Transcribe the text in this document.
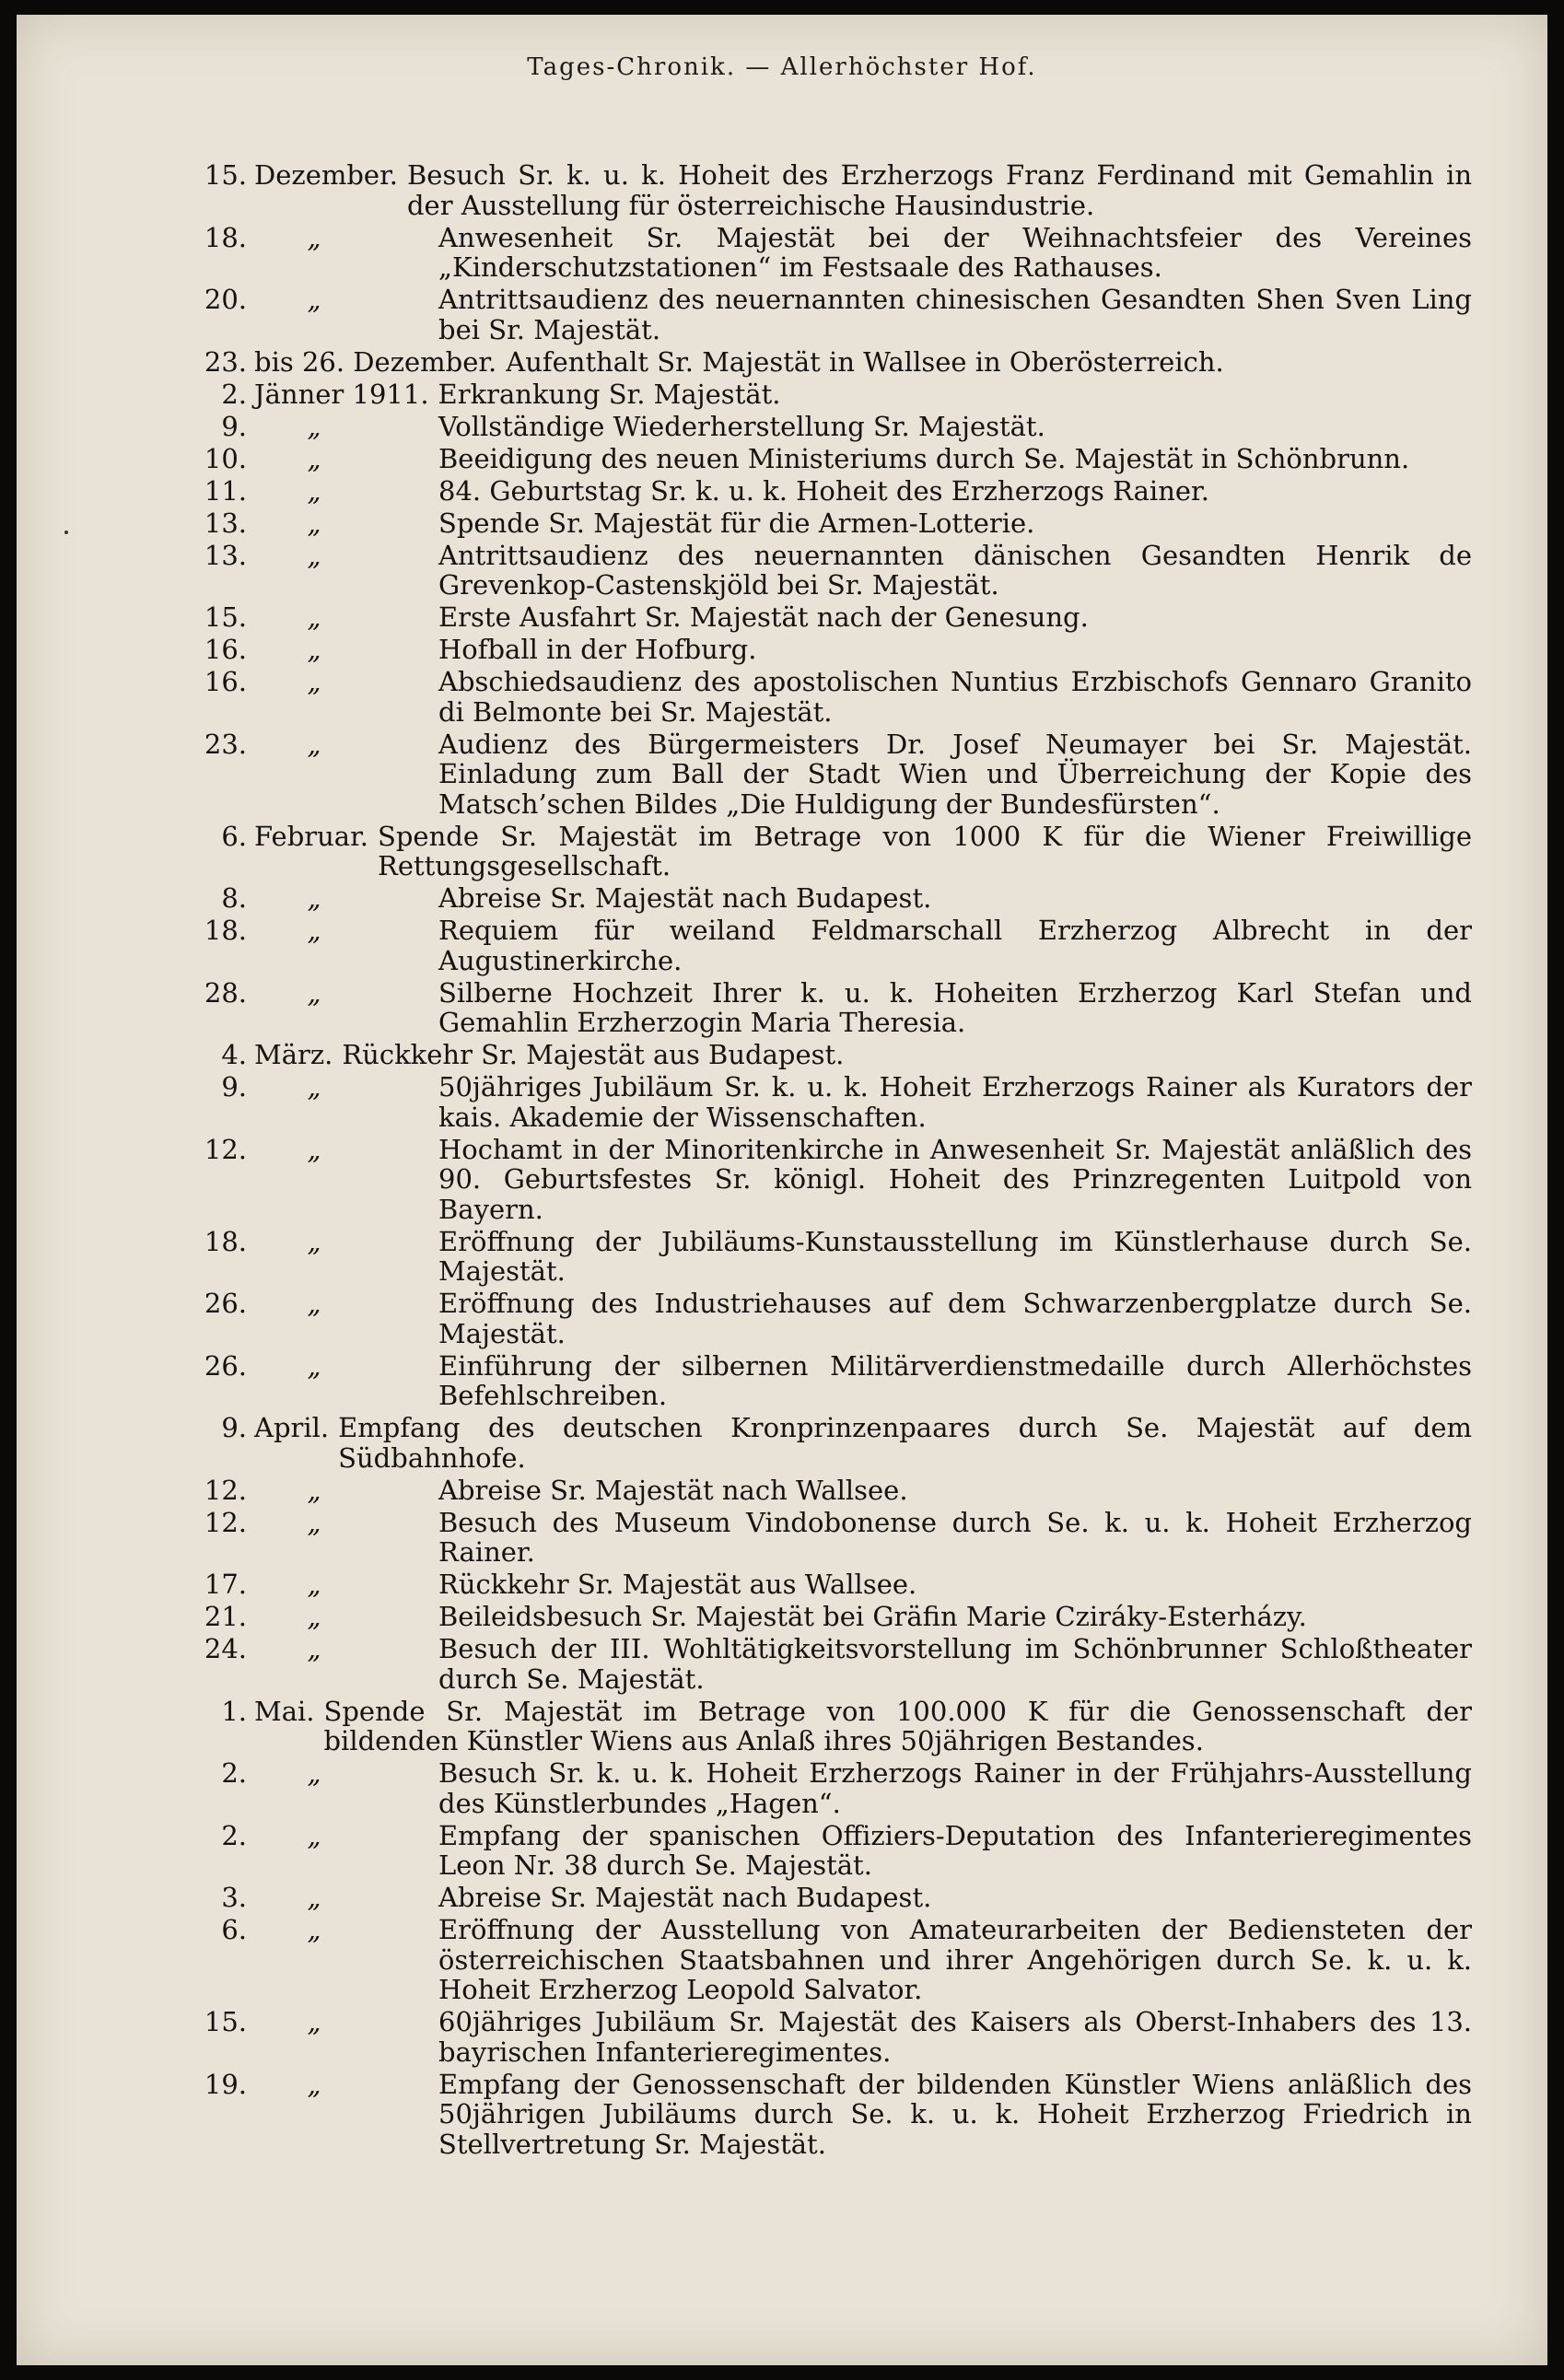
Tages-Chronik. — Allerhöchster Hof.
15. Dezember. Besuch Sr. k. u. k. Hoheit des Erzherzogs Franz Ferdinand mit Gemahlin in der Ausstellung für österreichische Hausindustrie.
18.	„	Anwesenheit Sr. Majestät bei der Weihnachtsfeier des Vereines „Kinderschutzstationen“ im Festsaale des Rathauses.
20.	„	Antrittsaudienz des neuernannten chinesischen Gesandten Shen Sven Ling bei Sr. Majestät.
23. bis 26. Dezember. Aufenthalt Sr. Majestät in Wallsee in Oberösterreich.
2. Jänner 1911. Erkrankung Sr. Majestät.
9.	„	Vollständige Wiederherstellung Sr. Majestät.
10.	„	Beeidigung des neuen Ministeriums durch Se. Majestät in Schönbrunn.
11.	„	84. Geburtstag Sr. k. u. k. Hoheit des Erzherzogs Rainer.
13.	„	Spende Sr. Majestät für die Armen-Lotterie.
13.	„	Antrittsaudienz des neuernannten dänischen Gesandten Henrik de Grevenkop-Castenskjöld bei Sr. Majestät.
15.	„	Erste Ausfahrt Sr. Majestät nach der Genesung.
16.	„	Hofball in der Hofburg.
16.	„	Abschiedsaudienz des apostolischen Nuntius Erzbischofs Gennaro Granito di Belmonte bei Sr. Majestät.
23.	„	Audienz des Bürgermeisters Dr. Josef Neumayer bei Sr. Majestät. Einladung zum Ball der Stadt Wien und Überreichung der Kopie des Matsch’schen Bildes „Die Huldigung der Bundesfürsten“.
6. Februar. Spende Sr. Majestät im Betrage von 1000 K für die Wiener Freiwillige Rettungsgesellschaft.
8.	„	Abreise Sr. Majestät nach Budapest.
18.	„	Requiem für weiland Feldmarschall Erzherzog Albrecht in der Augustinerkirche.
28.	„	Silberne Hochzeit Ihrer k. u. k. Hoheiten Erzherzog Karl Stefan und Gemahlin Erzherzogin Maria Theresia.
4. März. Rückkehr Sr. Majestät aus Budapest.
9.	„	50jähriges Jubiläum Sr. k. u. k. Hoheit Erzherzogs Rainer als Kurators der kais. Akademie der Wissenschaften.
12.	„	Hochamt in der Minoritenkirche in Anwesenheit Sr. Majestät anläßlich des 90. Geburtsfestes Sr. königl. Hoheit des Prinzregenten Luitpold von Bayern.
18.	„	Eröffnung der Jubiläums-Kunstausstellung im Künstlerhause durch Se. Majestät.
26.	„	Eröffnung des Industriehauses auf dem Schwarzenbergplatze durch Se. Majestät.
26.	„	Einführung der silbernen Militärverdienstmedaille durch Allerhöchstes Befehlschreiben.
9. April. Empfang des deutschen Kronprinzenpaares durch Se. Majestät auf dem Südbahnhofe.
12.	„	Abreise Sr. Majestät nach Wallsee.
12.	„	Besuch des Museum Vindobonense durch Se. k. u. k. Hoheit Erzherzog Rainer.
17.	„	Rückkehr Sr. Majestät aus Wallsee.
21.	„	Beileidsbesuch Sr. Majestät bei Gräfin Marie Cziráky-Esterházy.
24.	„	Besuch der III. Wohltätigkeitsvorstellung im Schönbrunner Schloßtheater durch Se. Majestät.
1. Mai. Spende Sr. Majestät im Betrage von 100.000 K für die Genossenschaft der bildenden Künstler Wiens aus Anlaß ihres 50jährigen Bestandes.
2.	„	Besuch Sr. k. u. k. Hoheit Erzherzogs Rainer in der Frühjahrs-Ausstellung des Künstlerbundes „Hagen“.
2.	„	Empfang der spanischen Offiziers-Deputation des Infanterieregimentes Leon Nr. 38 durch Se. Majestät.
3.	„	Abreise Sr. Majestät nach Budapest.
6.	„	Eröffnung der Ausstellung von Amateurarbeiten der Bediensteten der österreichischen Staatsbahnen und ihrer Angehörigen durch Se. k. u. k. Hoheit Erzherzog Leopold Salvator.
15.	„	60jähriges Jubiläum Sr. Majestät des Kaisers als Oberst-Inhabers des 13. bayrischen Infanterieregimentes.
19.	„	Empfang der Genossenschaft der bildenden Künstler Wiens anläßlich des 50jährigen Jubiläums durch Se. k. u. k. Hoheit Erzherzog Friedrich in Stellvertretung Sr. Majestät.
